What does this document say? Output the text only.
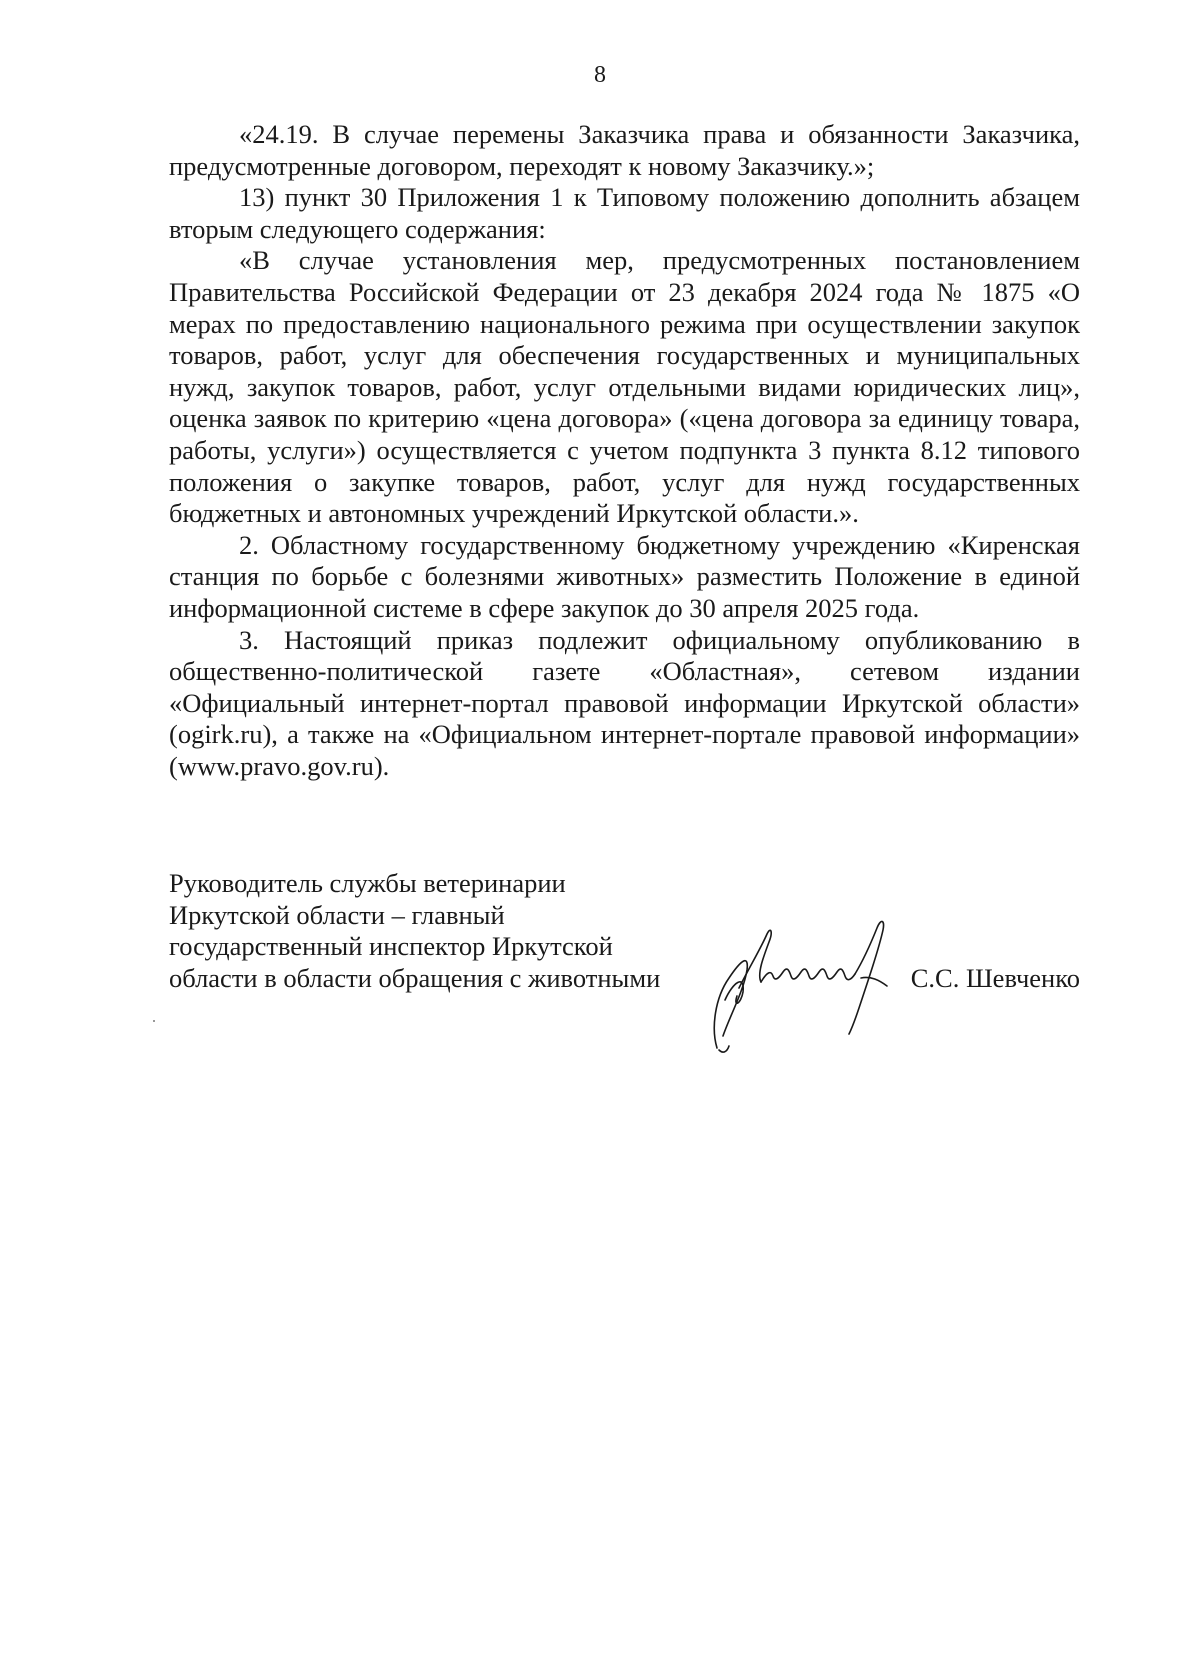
8

«24.19. В случае перемены Заказчика права и обязанности Заказчика, предусмотренные договором, переходят к новому Заказчику.»;

13) пункт 30 Приложения 1 к Типовому положению дополнить абзацем вторым следующего содержания:

«В случае установления мер, предусмотренных постановлением Правительства Российской Федерации от 23 декабря 2024 года № 1875 «О мерах по предоставлению национального режима при осуществлении закупок товаров, работ, услуг для обеспечения государственных и муниципальных нужд, закупок товаров, работ, услуг отдельными видами юридических лиц», оценка заявок по критерию «цена договора» («цена договора за единицу товара, работы, услуги») осуществляется с учетом подпункта 3 пункта 8.12 типового положения о закупке товаров, работ, услуг для нужд государственных бюджетных и автономных учреждений Иркутской области.».

2. Областному государственному бюджетному учреждению «Киренская станция по борьбе с болезнями животных» разместить Положение в единой информационной системе в сфере закупок до 30 апреля 2025 года.

3. Настоящий приказ подлежит официальному опубликованию в общественно-политической газете «Областная», сетевом издании «Официальный интернет-портал правовой информации Иркутской области» (ogirk.ru), а также на «Официальном интернет-портале правовой информации» (www.pravo.gov.ru).

Руководитель службы ветеринарии
Иркутской области – главный
государственный инспектор Иркутской
области в области обращения с животными	С.С. Шевченко
